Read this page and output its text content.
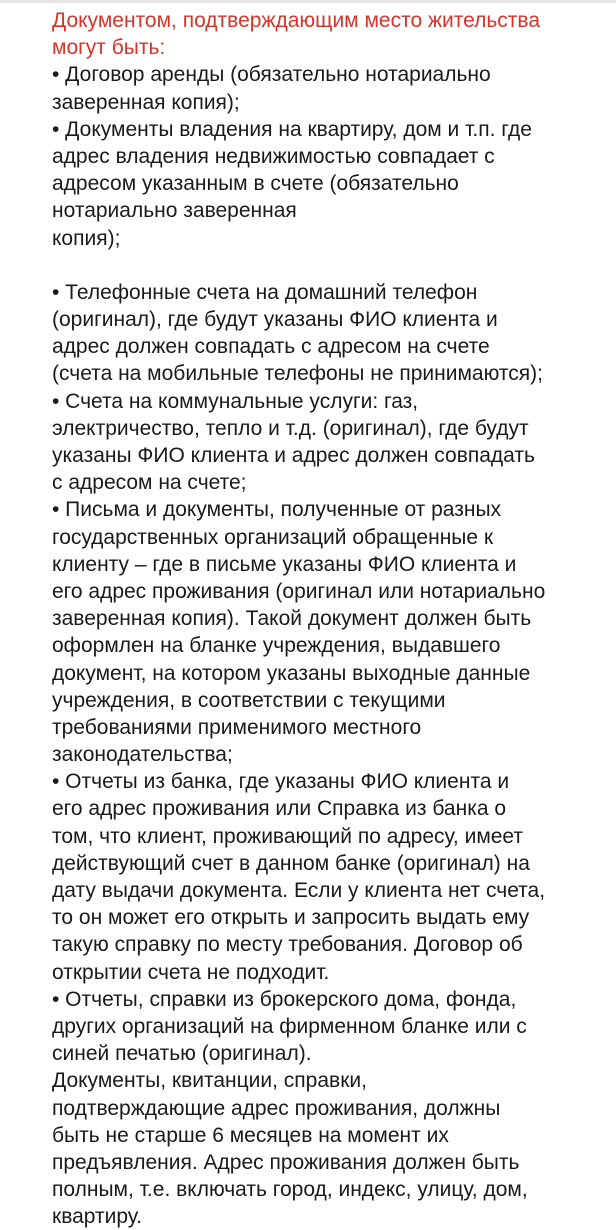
Документом, подтверждающим место жительства
могут быть:
• Договор аренды (обязательно нотариально
заверенная копия);
• Документы владения на квартиру, дом и т.п. где
адрес владения недвижимостью совпадает с
адресом указанным в счете (обязательно
нотариально заверенная
копия);
• Телефонные счета на домашний телефон
(оригинал), где будут указаны ФИО клиента и
адрес должен совпадать с адресом на счете
(счета на мобильные телефоны не принимаются);
• Счета на коммунальные услуги: газ,
электричество, тепло и т.д. (оригинал), где будут
указаны ФИО клиента и адрес должен совпадать
с адресом на счете;
• Письма и документы, полученные от разных
государственных организаций обращенные к
клиенту – где в письме указаны ФИО клиента и
его адрес проживания (оригинал или нотариально
заверенная копия). Такой документ должен быть
оформлен на бланке учреждения, выдавшего
документ, на котором указаны выходные данные
учреждения, в соответствии с текущими
требованиями применимого местного
законодательства;
• Отчеты из банка, где указаны ФИО клиента и
его адрес проживания или Справка из банка о
том, что клиент, проживающий по адресу, имеет
действующий счет в данном банке (оригинал) на
дату выдачи документа. Если у клиента нет счета,
то он может его открыть и запросить выдать ему
такую справку по месту требования. Договор об
открытии счета не подходит.
• Отчеты, справки из брокерского дома, фонда,
других организаций на фирменном бланке или с
синей печатью (оригинал).
Документы, квитанции, справки,
подтверждающие адрес проживания, должны
быть не старше 6 месяцев на момент их
предъявления. Адрес проживания должен быть
полным, т.е. включать город, индекс, улицу, дом,
квартиру.
